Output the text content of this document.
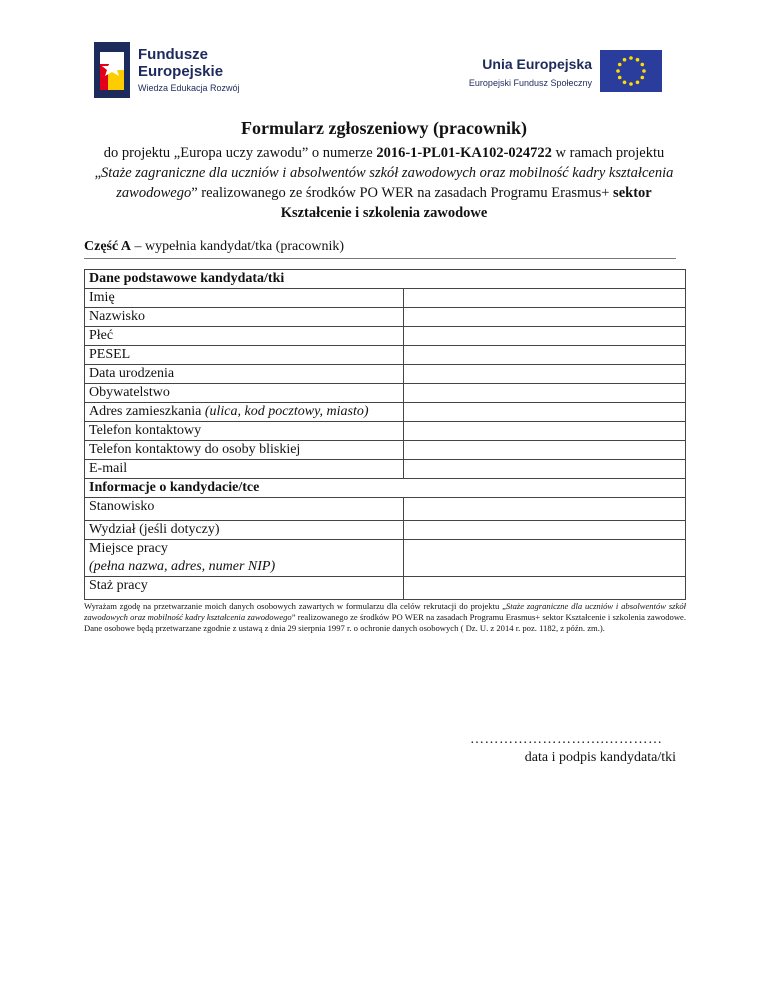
Fundusze
Europejskie
Wiedza Edukacja Rozwój
Unia Europejska
Europejski Fundusz Społeczny
Formularz zgłoszeniowy (pracownik)
do projektu „Europa uczy zawodu” o numerze 2016-1-PL01-KA102-024722 w ramach projektu „Staże zagraniczne dla uczniów i absolwentów szkół zawodowych oraz mobilność kadry kształcenia zawodowego” realizowanego ze środków PO WER na zasadach Programu Erasmus+ sektor Kształcenie i szkolenia zawodowe
Część A – wypełnia kandydat/tka (pracownik)
Dane podstawowe kandydata/tki	
Imię	
Nazwisko	
Płeć	
PESEL	
Data urodzenia	
Obywatelstwo	
Adres zamieszkania (ulica, kod pocztowy, miasto)	
Telefon kontaktowy	
Telefon kontaktowy do osoby bliskiej	
E-mail	
Informacje o kandydacie/tce	
Stanowisko	
Wydział (jeśli dotyczy)	

Miejsce pracy
(pełna nazwa, adres, numer NIP)	

Staż pracy	
Wyrażam zgodę na przetwarzanie moich danych osobowych zawartych w formularzu dla celów rekrutacji do projektu „Staże zagraniczne dla uczniów i absolwentów szkół zawodowych oraz mobilność kadry kształcenia zawodowego” realizowanego ze środków PO WER na zasadach Programu Erasmus+ sektor Kształcenie i szkolenia zawodowe. Dane osobowe będą przetwarzane zgodnie z ustawą z dnia 29 sierpnia 1997 r. o ochronie danych osobowych ( Dz. U. z 2014 r. poz. 1182, z późn. zm.).
……………………….…………
data i podpis kandydata/tki
